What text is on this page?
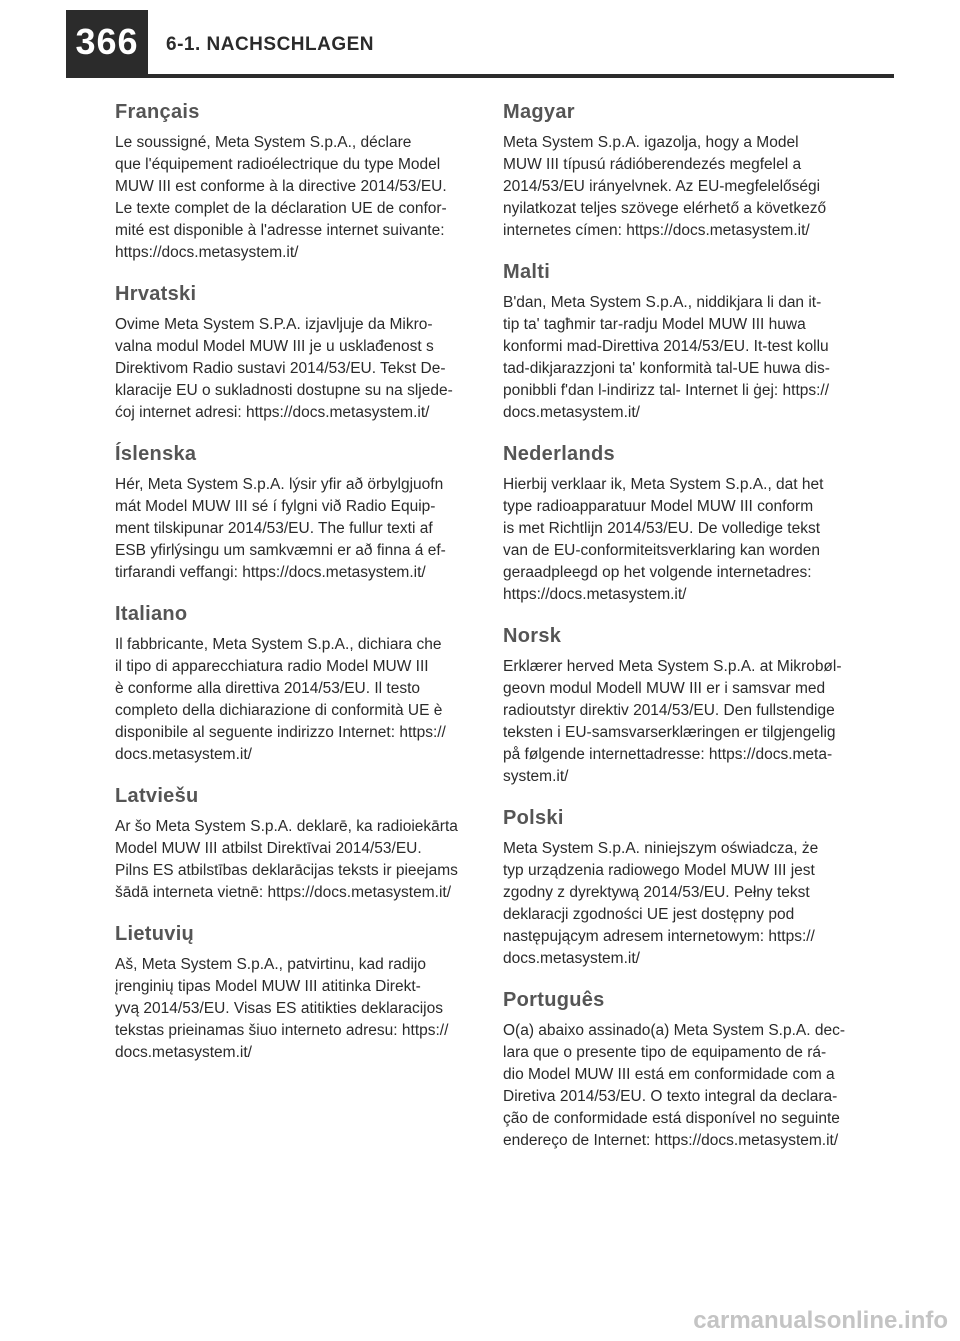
366	6-1. NACHSCHLAGEN
Français

Le soussigné, Meta System S.p.A., déclare
que l'équipement radioélectrique du type Model
MUW III est conforme à la directive 2014/53/EU.
Le texte complet de la déclaration UE de confor-
mité est disponible à l'adresse internet suivante:
https://docs.metasystem.it/

Hrvatski

Ovime Meta System S.P.A. izjavljuje da Mikro-
valna modul Model MUW III je u usklađenost s
Direktivom Radio sustavi 2014/53/EU. Tekst De-
klaracije EU o sukladnosti dostupne su na sljede-
ćoj internet adresi: https://docs.metasystem.it/

Íslenska

Hér, Meta System S.p.A. lýsir yfir að örbylgjuofn
mát Model MUW III sé í fylgni við Radio Equip-
ment tilskipunar 2014/53/EU. The fullur texti af
ESB yfirlýsingu um samkvæmni er að finna á ef-
tirfarandi veffangi: https://docs.metasystem.it/

Italiano

Il fabbricante, Meta System S.p.A., dichiara che
il tipo di apparecchiatura radio Model MUW III
è conforme alla direttiva 2014/53/EU. Il testo
completo della dichiarazione di conformità UE è
disponibile al seguente indirizzo Internet: https://
docs.metasystem.it/

Latviešu

Ar šo Meta System S.p.A. deklarē, ka radioiekārta
Model MUW III atbilst Direktīvai 2014/53/EU.
Pilns ES atbilstības deklarācijas teksts ir pieejams
šādā interneta vietnē: https://docs.metasystem.it/

Lietuvių

Aš, Meta System S.p.A., patvirtinu, kad radijo
įrenginių tipas Model MUW III atitinka Direkt-
yvą 2014/53/EU. Visas ES atitikties deklaracijos
tekstas prieinamas šiuo interneto adresu: https://
docs.metasystem.it/

Magyar

Meta System S.p.A. igazolja, hogy a Model
MUW III típusú rádióberendezés megfelel a
2014/53/EU irányelvnek. Az EU-megfelelőségi
nyilatkozat teljes szövege elérhető a következő
internetes címen: https://docs.metasystem.it/

Malti

B'dan, Meta System S.p.A., niddikjara li dan it-
tip ta' tagħmir tar-radju Model MUW III huwa
konformi mad-Direttiva 2014/53/EU. It-test kollu
tad-dikjarazzjoni ta' konformità tal-UE huwa dis-
ponibbli f'dan l-indirizz tal- Internet li ġej: https://
docs.metasystem.it/

Nederlands

Hierbij verklaar ik, Meta System S.p.A., dat het
type radioapparatuur Model MUW III conform
is met Richtlijn 2014/53/EU. De volledige tekst
van de EU-conformiteitsverklaring kan worden
geraadpleegd op het volgende internetadres:
https://docs.metasystem.it/

Norsk

Erklærer herved Meta System S.p.A. at Mikrobøl-
geovn modul Modell MUW III er i samsvar med
radioutstyr direktiv 2014/53/EU. Den fullstendige
teksten i EU-samsvarserklæringen er tilgjengelig
på følgende internettadresse: https://docs.meta-
system.it/

Polski

Meta System S.p.A. niniejszym oświadcza, że
typ urządzenia radiowego Model MUW III jest
zgodny z dyrektywą 2014/53/EU. Pełny tekst
deklaracji zgodności UE jest dostępny pod
następującym adresem internetowym: https://
docs.metasystem.it/

Português

O(a) abaixo assinado(a) Meta System S.p.A. dec-
lara que o presente tipo de equipamento de rá-
dio Model MUW III está em conformidade com a
Diretiva 2014/53/EU. O texto integral da declara-
ção de conformidade está disponível no seguinte
endereço de Internet: https://docs.metasystem.it/

carmanualsonline.info
